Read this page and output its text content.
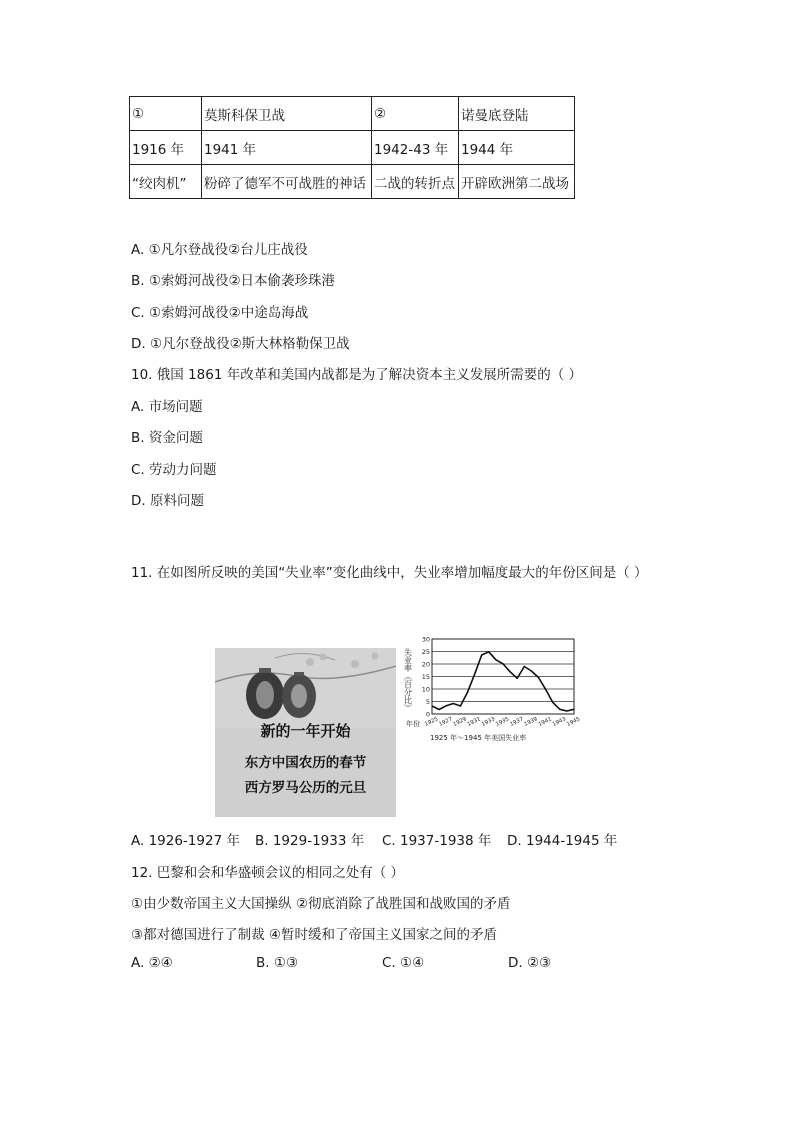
①	莫斯科保卫战	②	诺曼底登陆
1916 年	1941 年	1942-43 年	1944 年
“绞肉机”	粉碎了德军不可战胜的神话	二战的转折点	开辟欧洲第二战场
A. ①凡尔登战役②台儿庄战役
B. ①索姆河战役②日本偷袭珍珠港
C. ①索姆河战役②中途岛海战
D. ①凡尔登战役②斯大林格勒保卫战
10. 俄国 1861 年改革和美国内战都是为了解决资本主义发展所需要的（ ）
A. 市场问题
B. 资金问题
C. 劳动力问题
D. 原料问题
11. 在如图所反映的美国“失业率”变化曲线中，失业率增加幅度最大的年份区间是（ ）
新的一年开始
东方中国农历的春节
西方罗马公历的元旦
失业率（百分比）
年份
1925 年～1945 年美国失业率
0
5
10
15
20
25
30
1925
1927
1929
1931
1933
1935
1937
1939
1941
1943
1945
A. 1926-1927 年 B. 1929-1933 年 C. 1937-1938 年 D. 1944-1945 年
12. 巴黎和会和华盛顿会议的相同之处有（ ）
①由少数帝国主义大国操纵 ②彻底消除了战胜国和战败国的矛盾
③都对德国进行了制裁 ④暂时缓和了帝国主义国家之间的矛盾
A. ②④	B. ①③	C. ①④	D. ②③
